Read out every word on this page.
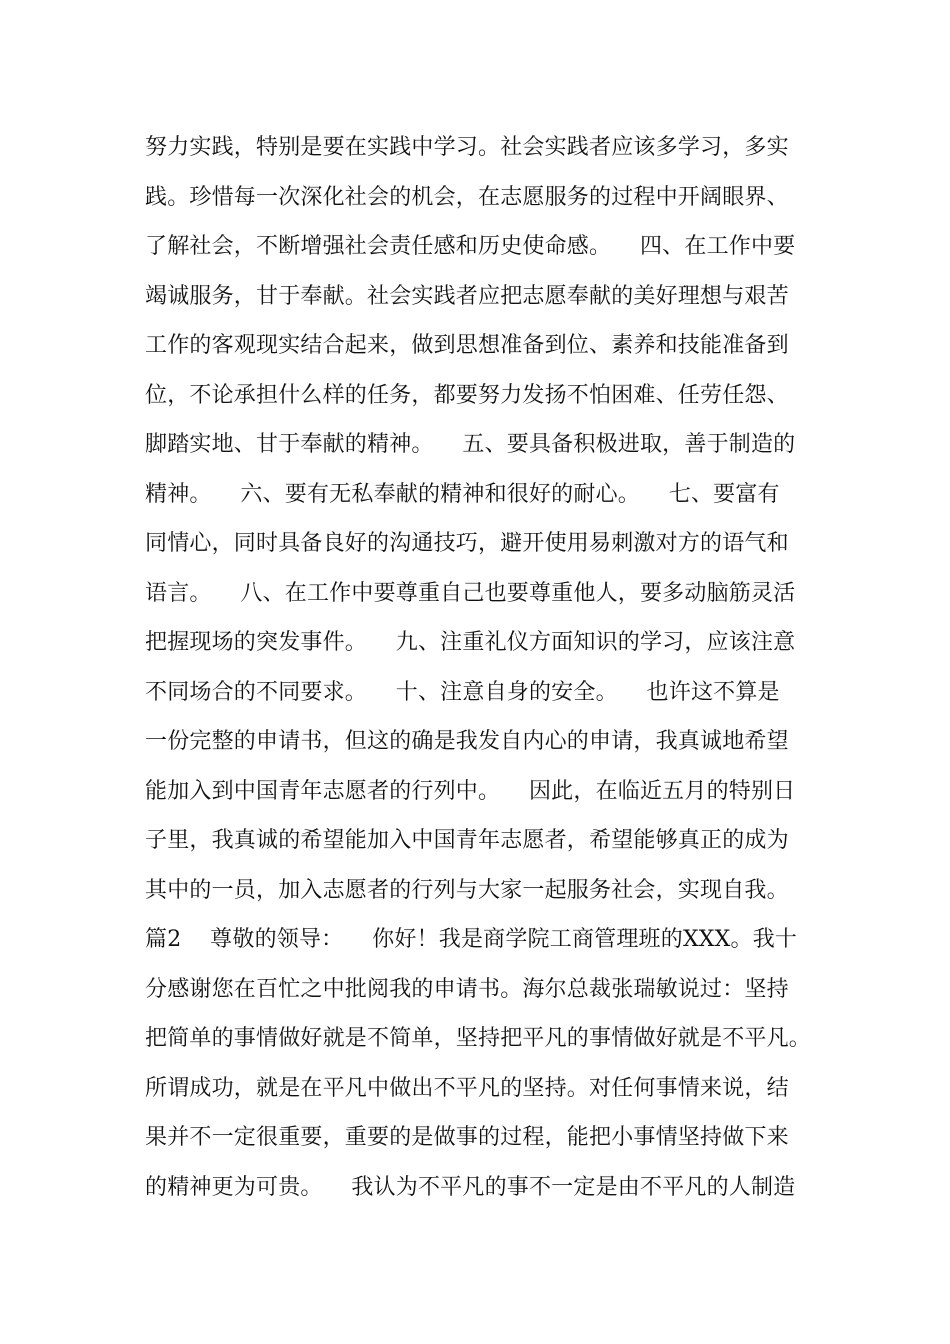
努力实践，特别是要在实践中学习。社会实践者应该多学习，多实
践。珍惜每一次深化社会的机会，在志愿服务的过程中开阔眼界、
了解社会，不断增强社会责任感和历史使命感。    四、在工作中要
竭诚服务，甘于奉献。社会实践者应把志愿奉献的美好理想与艰苦
工作的客观现实结合起来，做到思想准备到位、素养和技能准备到
位，不论承担什么样的任务，都要努力发扬不怕困难、任劳任怨、
脚踏实地、甘于奉献的精神。    五、要具备积极进取，善于制造的
精神。    六、要有无私奉献的精神和很好的耐心。    七、要富有
同情心，同时具备良好的沟通技巧，避开使用易刺激对方的语气和
语言。    八、在工作中要尊重自己也要尊重他人，要多动脑筋灵活
把握现场的突发事件。    九、注重礼仪方面知识的学习，应该注意
不同场合的不同要求。    十、注意自身的安全。    也许这不算是
一份完整的申请书，但这的确是我发自内心的申请，我真诚地希望
能加入到中国青年志愿者的行列中。    因此，在临近五月的特别日
子里，我真诚的希望能加入中国青年志愿者，希望能够真正的成为
其中的一员，加入志愿者的行列与大家一起服务社会，实现自我。
篇2    尊敬的领导：    你好！我是商学院工商管理班的XXX。我十
分感谢您在百忙之中批阅我的申请书。海尔总裁张瑞敏说过：坚持
把简单的事情做好就是不简单，坚持把平凡的事情做好就是不平凡。
所谓成功，就是在平凡中做出不平凡的坚持。对任何事情来说，结
果并不一定很重要，重要的是做事的过程，能把小事情坚持做下来
的精神更为可贵。    我认为不平凡的事不一定是由不平凡的人制造
